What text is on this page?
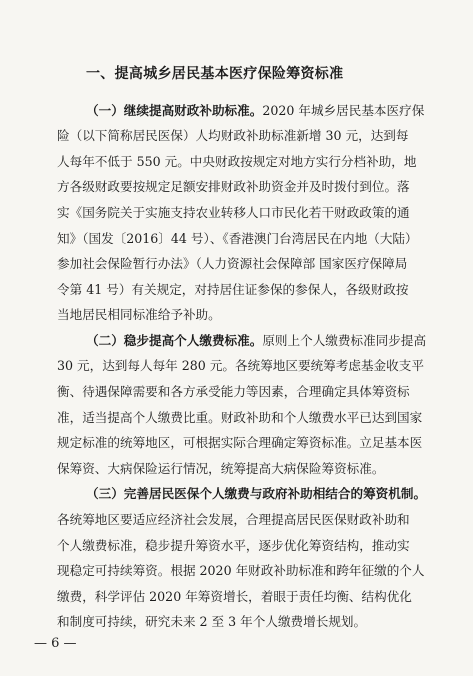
一、提高城乡居民基本医疗保险筹资标准
（一）继续提高财政补助标准。2020 年城乡居民基本医疗保
险（以下简称居民医保）人均财政补助标准新增 30 元，达到每
人每年不低于 550 元。中央财政按规定对地方实行分档补助，地
方各级财政要按规定足额安排财政补助资金并及时拨付到位。落
实《国务院关于实施支持农业转移人口市民化若干财政政策的通
知》（国发〔2016〕44 号）、《香港澳门台湾居民在内地（大陆）
参加社会保险暂行办法》（人力资源社会保障部 国家医疗保障局
令第 41 号）有关规定，对持居住证参保的参保人，各级财政按
当地居民相同标准给予补助。
（二）稳步提高个人缴费标准。原则上个人缴费标准同步提高
30 元，达到每人每年 280 元。各统筹地区要统筹考虑基金收支平
衡、待遇保障需要和各方承受能力等因素，合理确定具体筹资标
准，适当提高个人缴费比重。财政补助和个人缴费水平已达到国家
规定标准的统筹地区，可根据实际合理确定筹资标准。立足基本医
保筹资、大病保险运行情况，统筹提高大病保险筹资标准。
（三）完善居民医保个人缴费与政府补助相结合的筹资机制。
各统筹地区要适应经济社会发展，合理提高居民医保财政补助和
个人缴费标准，稳步提升筹资水平，逐步优化筹资结构，推动实
现稳定可持续筹资。根据 2020 年财政补助标准和跨年征缴的个人
缴费，科学评估 2020 年筹资增长，着眼于责任均衡、结构优化
和制度可持续，研究未来 2 至 3 年个人缴费增长规划。
— 6 —
